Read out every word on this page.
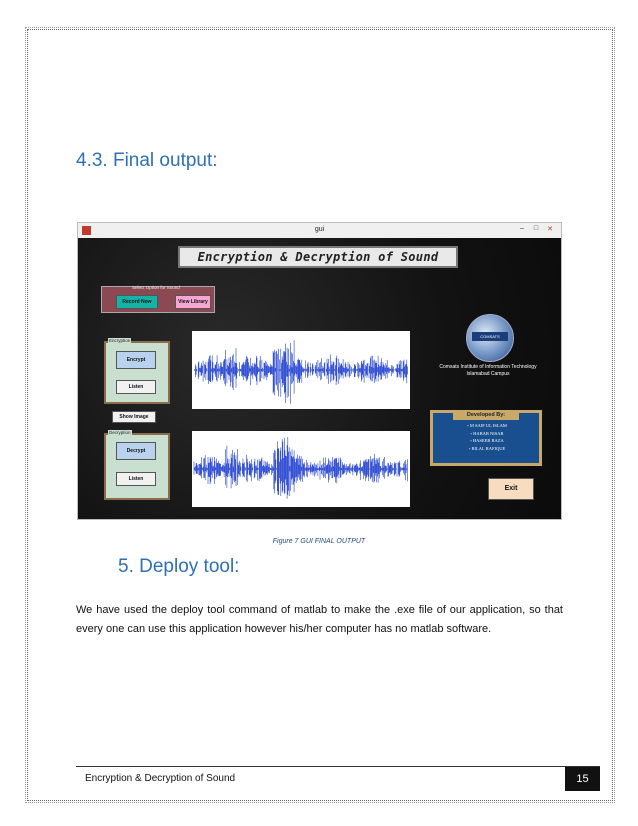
4.3. Final output:
gui	–	□	✕
Encryption & Decryption of Sound
Select Option for Sound
Record Now	View Library
Encryption
Encrypt
Listen
Show Image
Decryption
Decrypt
Listen
COMSATS
Comsats Institute of Information Technology
Islamabad Campus
Developed By:
▫ M SAIF UL ISLAM
▫ HABAB NISAR
▫ HASEEB RAZA
▫ BILAL RAFIQUE
Exit
Figure 7 GUI FINAL OUTPUT
5. Deploy tool:
We have used the deploy tool command of matlab to make the .exe file of our application, so that every one can use this application however his/her computer has no matlab software.
Encryption & Decryption of Sound	15
